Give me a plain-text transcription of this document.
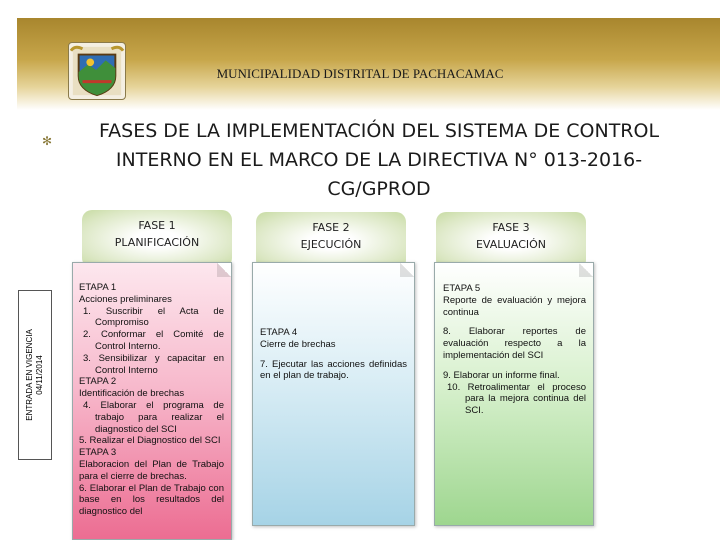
MUNICIPALIDAD DISTRITAL DE PACHACAMAC
✻	FASES DE LA IMPLEMENTACIÓN DEL SISTEMA DE CONTROL
INTERNO EN EL MARCO DE LA DIRECTIVA N° 013-2016-
CG/GPROD
ENTRADA EN VIGENCIA 04/11/2014
FASE 1
PLANIFICACIÓN
FASE 2
EJECUCIÓN
FASE 3
EVALUACIÓN
ETAPA 1
Acciones preliminares
1. Suscribir el Acta de Compromiso
2. Conformar el Comité de Control Interno.
3. Sensibilizar y capacitar en Control Interno
ETAPA 2
Identificación de brechas
4. Elaborar el programa de trabajo para realizar el diagnostico del SCI
5. Realizar el Diagnostico del SCI
ETAPA 3
Elaboracion del Plan de Trabajo para el cierre de brechas.
6. Elaborar el Plan de Trabajo con base en los resultados del diagnostico del
ETAPA 4
Cierre de brechas
7. Ejecutar las acciones definidas en el plan de trabajo.
ETAPA 5
Reporte de evaluación y mejora continua
8. Elaborar reportes de evaluación respecto a la implementación del SCI
9. Elaborar un informe final.
10. Retroalimentar el proceso para la mejora continua del SCI.
